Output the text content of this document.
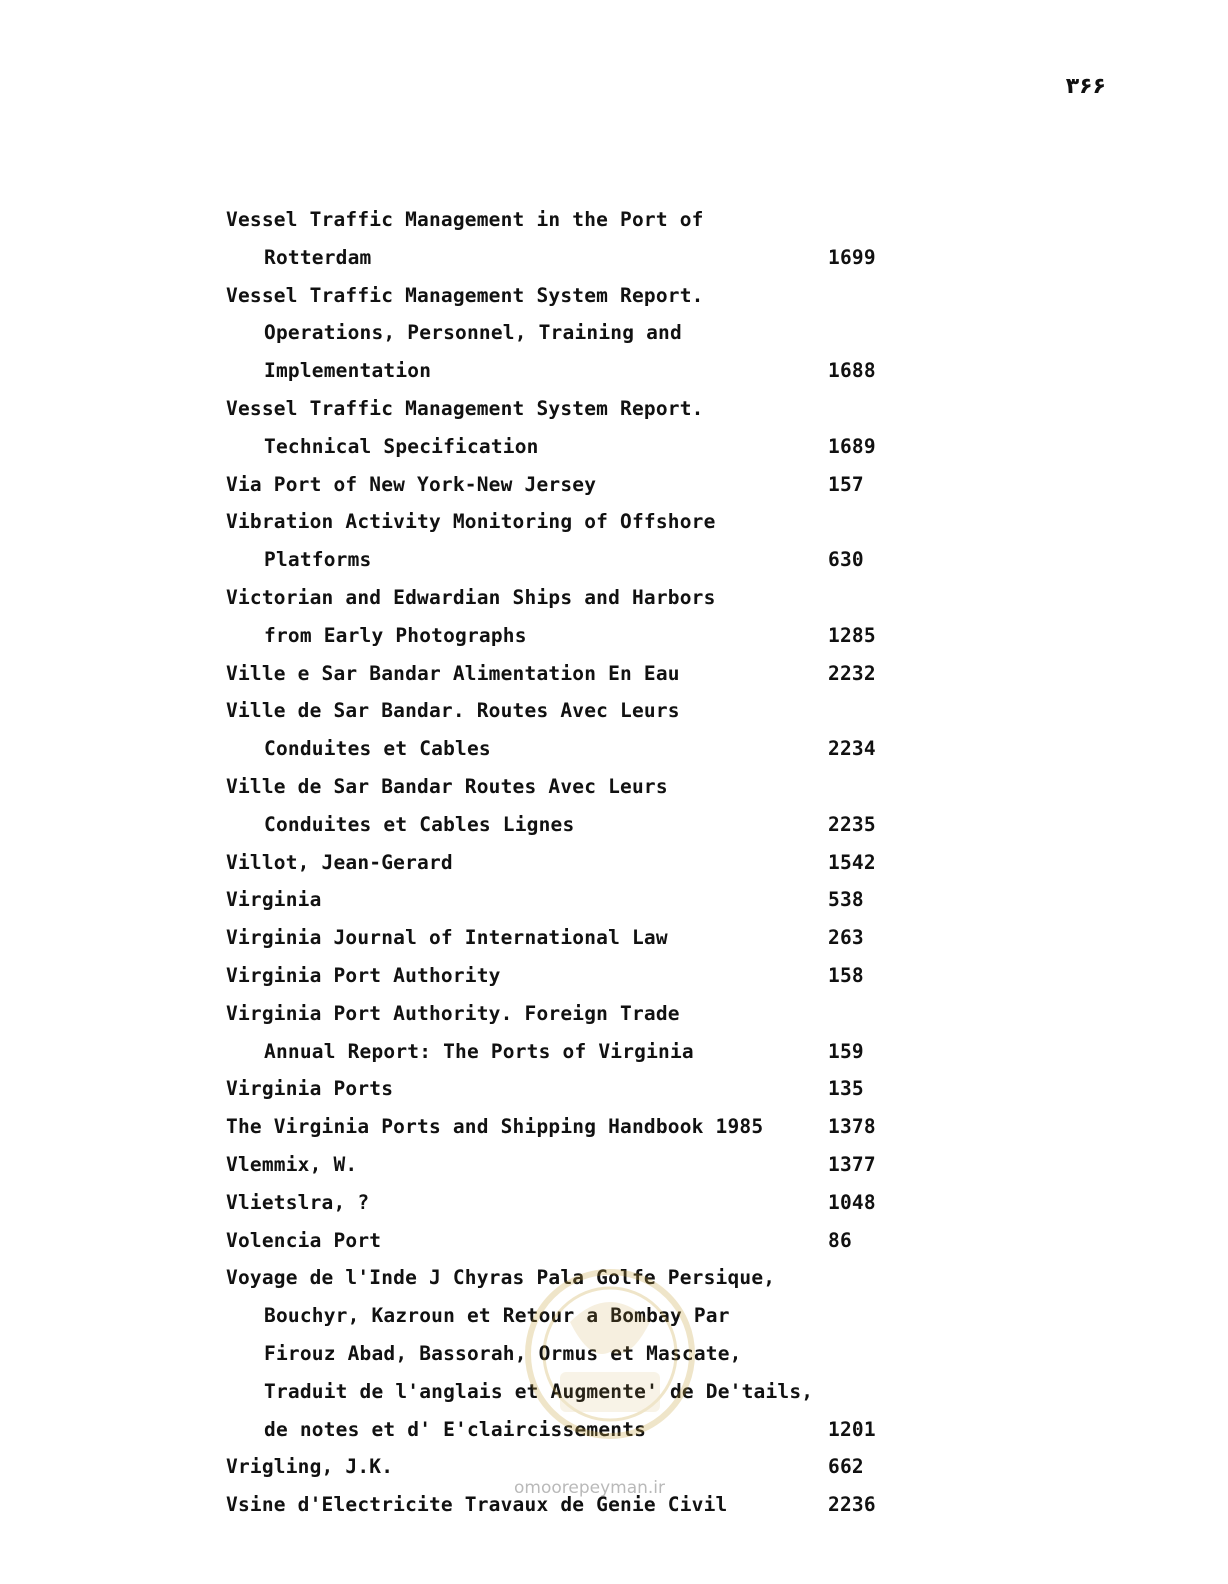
۳۶۶
Vessel Traffic Management in the Port of
Rotterdam	1699
Vessel Traffic Management System Report.
Operations, Personnel, Training and
Implementation	1688
Vessel Traffic Management System Report.
Technical Specification	1689
Via Port of New York-New Jersey	157
Vibration Activity Monitoring of Offshore
Platforms	630
Victorian and Edwardian Ships and Harbors
from Early Photographs	1285
Ville e Sar Bandar Alimentation En Eau	2232
Ville de Sar Bandar. Routes Avec Leurs
Conduites et Cables	2234
Ville de Sar Bandar Routes Avec Leurs
Conduites et Cables Lignes	2235
Villot, Jean-Gerard	1542
Virginia	538
Virginia Journal of International Law	263
Virginia Port Authority	158
Virginia Port Authority. Foreign Trade
Annual Report: The Ports of Virginia	159
Virginia Ports	135
The Virginia Ports and Shipping Handbook 1985	1378
Vlemmix, W.	1377
Vlietslra, ?	1048
Volencia Port	86
Voyage de l'Inde J Chyras Pala Golfe Persique,
Bouchyr, Kazroun et Retour a Bombay Par
Firouz Abad, Bassorah, Ormus et Mascate,
Traduit de l'anglais et Augmente' de De'tails,
de notes et d' E'claircissements	1201
Vrigling, J.K.	662
Vsine d'Electricite Travaux de Genie Civil	2236
omoorepeyman.ir
